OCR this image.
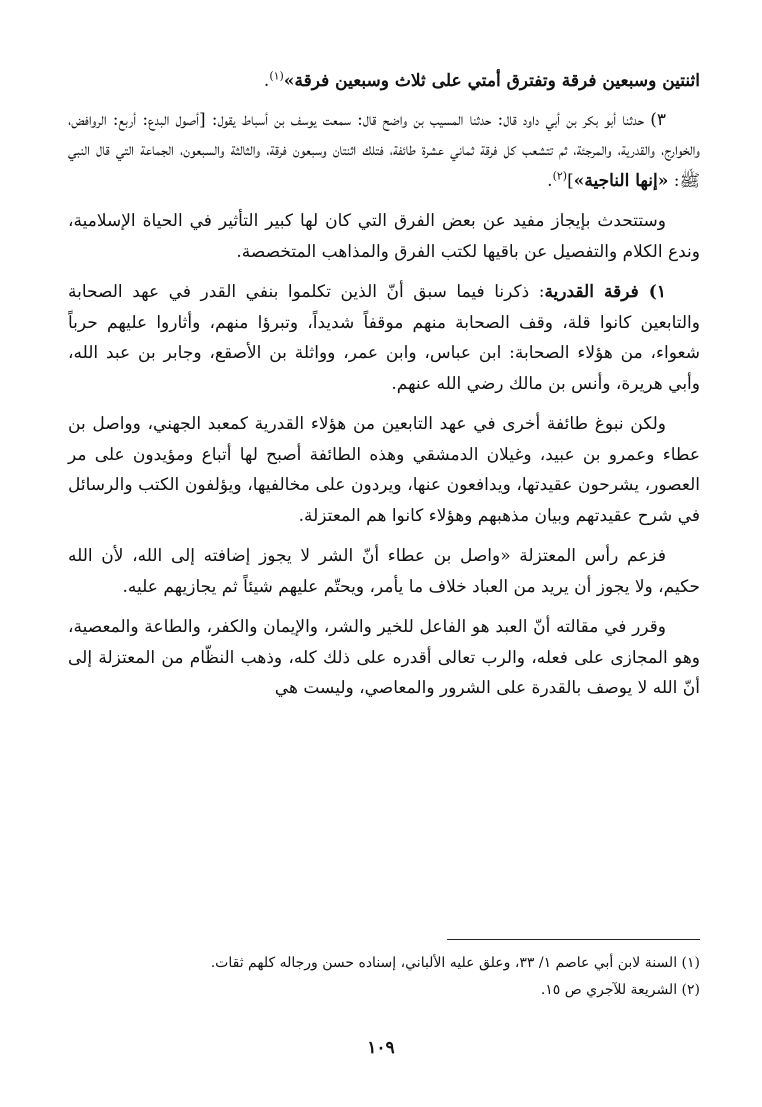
اثنتين وسبعين فرقة وتفترق أمتي على ثلاث وسبعين فرقة»$^{(١)}$.

٣) حدثنا أبو بكر بن أبي داود قال: حدثنا المسيب بن واضح قال: سمعت يوسف بن أسباط يقول: [أصول البدع: أربع: الروافض، والخوارج، والقدرية، والمرجئة، ثم تتشعب كل فرقة ثماني عشرة طائفة، فتلك اثنتان وسبعون فرقة، والثالثة والسبعون، الجماعة التي قال النبي ﷺ: «إنها الناجية»]$^{(٢)}$.

وستتحدث بإيجاز مفيد عن بعض الفرق التي كان لها كبير التأثير في الحياة الإسلامية، وندع الكلام والتفصيل عن باقيها لكتب الفرق والمذاهب المتخصصة.

١) فرقة القدرية: ذكرنا فيما سبق أنّ الذين تكلموا بنفي القدر في عهد الصحابة والتابعين كانوا قلة، وقف الصحابة منهم موقفاً شديداً، وتبرؤا منهم، وأثاروا عليهم حرباً شعواء، من هؤلاء الصحابة: ابن عباس، وابن عمر، وواثلة بن الأصقع، وجابر بن عبد الله، وأبي هريرة، وأنس بن مالك رضي الله عنهم.

ولكن نبوغ طائفة أخرى في عهد التابعين من هؤلاء القدرية كمعبد الجهني، وواصل بن عطاء وعمرو بن عبيد، وغيلان الدمشقي وهذه الطائفة أصبح لها أتباع ومؤيدون على مر العصور، يشرحون عقيدتها، ويدافعون عنها، ويردون على مخالفيها، ويؤلفون الكتب والرسائل في شرح عقيدتهم وبيان مذهبهم وهؤلاء كانوا هم المعتزلة.

فزعم رأس المعتزلة «واصل بن عطاء أنّ الشر لا يجوز إضافته إلى الله، لأن الله حكيم، ولا يجوز أن يريد من العباد خلاف ما يأمر، ويحتّم عليهم شيئاً ثم يجازيهم عليه.

وقرر في مقالته أنّ العبد هو الفاعل للخير والشر، والإيمان والكفر، والطاعة والمعصية، وهو المجازى على فعله، والرب تعالى أقدره على ذلك كله، وذهب النظّام من المعتزلة إلى أنّ الله لا يوصف بالقدرة على الشرور والمعاصي، وليست هي

(١) السنة لابن أبي عاصم ١/ ٣٣، وعلق عليه الألباني، إسناده حسن ورجاله كلهم ثقات.

(٢) الشريعة للآجري ص ١٥.

١٠٩
